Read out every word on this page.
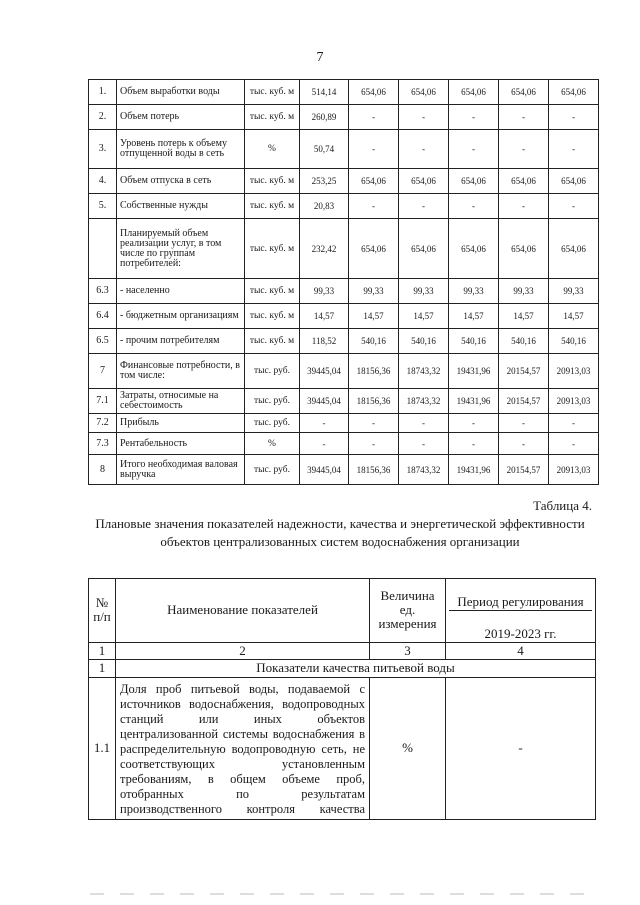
7
1.	Объем выработки воды	тыс. куб. м	514,14	654,06	654,06	654,06	654,06	654,06
2.	Объем потерь	тыс. куб. м	260,89	-	-	-	-	-
3.	Уровень потерь к объему отпущенной воды в сеть	%	50,74	-	-	-	-	-
4.	Объем отпуска в сеть	тыс. куб. м	253,25	654,06	654,06	654,06	654,06	654,06
5.	Собственные нужды	тыс. куб. м	20,83	-	-	-	-	-
	Планируемый объем реализации услуг, в том числе по группам потребителей:	тыс. куб. м	232,42	654,06	654,06	654,06	654,06	654,06
6.3	- населенно	тыс. куб. м	99,33	99,33	99,33	99,33	99,33	99,33
6.4	- бюджетным организациям	тыс. куб. м	14,57	14,57	14,57	14,57	14,57	14,57
6.5	- прочим потребителям	тыс. куб. м	118,52	540,16	540,16	540,16	540,16	540,16
7	Финансовые потребности, в том числе:	тыс. руб.	39445,04	18156,36	18743,32	19431,96	20154,57	20913,03
7.1	Затраты, относимые на себестоимость	тыс. руб.	39445,04	18156,36	18743,32	19431,96	20154,57	20913,03
7.2	Прибыль	тыс. руб.	-	-	-	-	-	-
7.3	Рентабельность	%	-	-	-	-	-	-
8	Итого необходимая валовая выручка	тыс. руб.	39445,04	18156,36	18743,32	19431,96	20154,57	20913,03
Таблица 4.
Плановые значения показателей надежности, качества и энергетической эффективности объектов централизованных систем водоснабжения организации
№ п/п	Наименование показателей	Величина ед. измерения	Период регулирования

			2019-2023 гг.
1	2	3	4
1	Показатели качества питьевой воды		
1.1	Доля проб питьевой воды, подаваемой с источников водоснабжения, водопроводных станций или иных объектов централизованной системы водоснабжения в распределительную водопроводную сеть, не соответствующих установленным требованиям, в общем объеме проб, отобранных по результатам производственного контроля качества	%	-
